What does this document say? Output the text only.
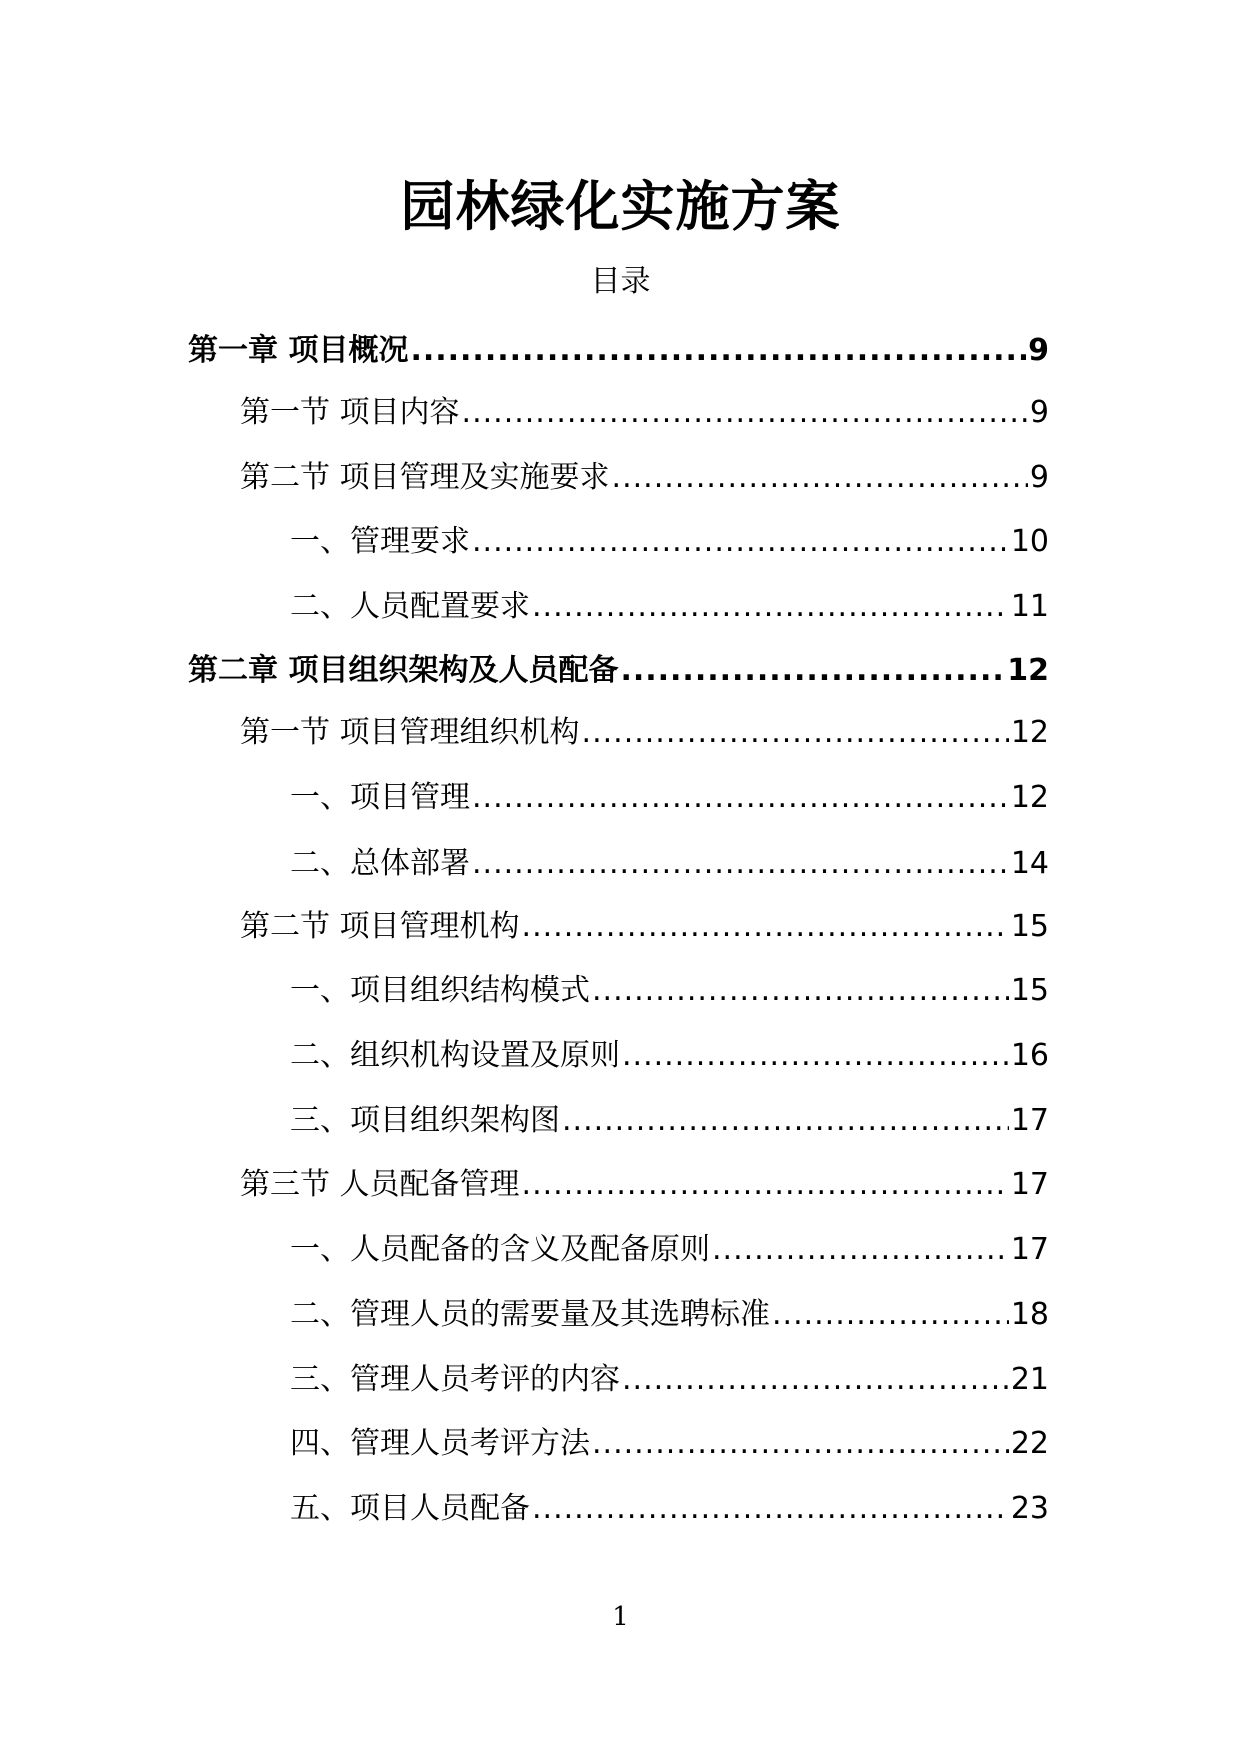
园林绿化实施方案
目录
第一章 项目概况 .....	9
第一节 项目内容 .....	9
第二节 项目管理及实施要求 .....	9
一、管理要求 .....	10
二、人员配置要求 .....	11
第二章 项目组织架构及人员配备 .....	12
第一节 项目管理组织机构 .....	12
一、项目管理 .....	12
二、总体部署 .....	14
第二节 项目管理机构 .....	15
一、项目组织结构模式 .....	15
二、组织机构设置及原则 .....	16
三、项目组织架构图 .....	17
第三节 人员配备管理 .....	17
一、人员配备的含义及配备原则 .....	17
二、管理人员的需要量及其选聘标准 .....	18
三、管理人员考评的内容 .....	21
四、管理人员考评方法 .....	22
五、项目人员配备 .....	23
1
